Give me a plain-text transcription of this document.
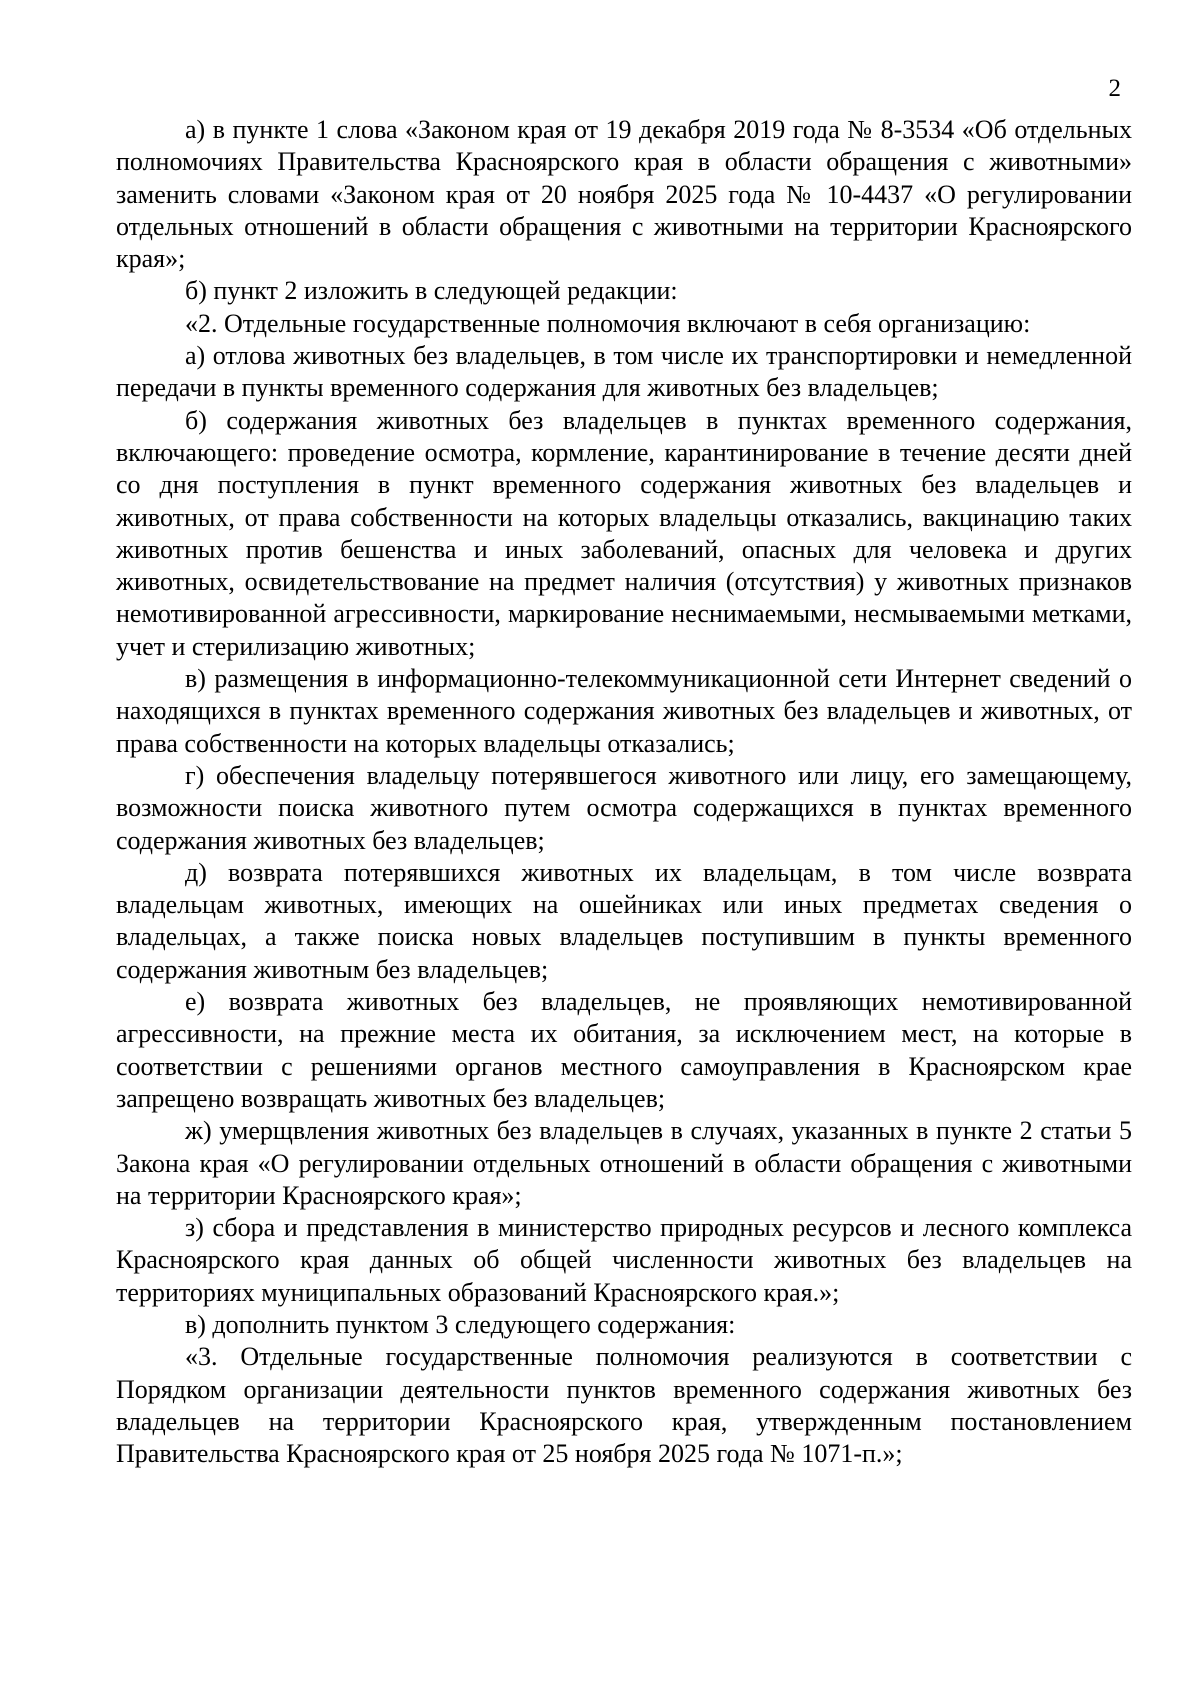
2

а) в пункте 1 слова «Законом края от 19 декабря 2019 года № 8-3534 «Об отдельных полномочиях Правительства Красноярского края в области обращения с животными» заменить словами «Законом края от 20 ноября 2025 года № 10-4437 «О регулировании отдельных отношений в области обращения с животными на территории Красноярского края»;

б) пункт 2 изложить в следующей редакции:

«2. Отдельные государственные полномочия включают в себя организацию:

а) отлова животных без владельцев, в том числе их транспортировки и немедленной передачи в пункты временного содержания для животных без владельцев;

б) содержания животных без владельцев в пунктах временного содержания, включающего: проведение осмотра, кормление, карантинирование в течение десяти дней со дня поступления в пункт временного содержания животных без владельцев и животных, от права собственности на которых владельцы отказались, вакцинацию таких животных против бешенства и иных заболеваний, опасных для человека и других животных, освидетельствование на предмет наличия (отсутствия) у животных признаков немотивированной агрессивности, маркирование неснимаемыми, несмываемыми метками, учет и стерилизацию животных;

в) размещения в информационно-телекоммуникационной сети Интернет сведений о находящихся в пунктах временного содержания животных без владельцев и животных, от права собственности на которых владельцы отказались;

г) обеспечения владельцу потерявшегося животного или лицу, его замещающему, возможности поиска животного путем осмотра содержащихся в пунктах временного содержания животных без владельцев;

д) возврата потерявшихся животных их владельцам, в том числе возврата владельцам животных, имеющих на ошейниках или иных предметах сведения о владельцах, а также поиска новых владельцев поступившим в пункты временного содержания животным без владельцев;

е) возврата животных без владельцев, не проявляющих немотивированной агрессивности, на прежние места их обитания, за исключением мест, на которые в соответствии с решениями органов местного самоуправления в Красноярском крае запрещено возвращать животных без владельцев;

ж) умерщвления животных без владельцев в случаях, указанных в пункте 2 статьи 5 Закона края «О регулировании отдельных отношений в области обращения с животными на территории Красноярского края»;

з) сбора и представления в министерство природных ресурсов и лесного комплекса Красноярского края данных об общей численности животных без владельцев на территориях муниципальных образований Красноярского края.»;

в) дополнить пунктом 3 следующего содержания:

«3. Отдельные государственные полномочия реализуются в соответствии с Порядком организации деятельности пунктов временного содержания животных без владельцев на территории Красноярского края, утвержденным постановлением Правительства Красноярского края от 25 ноября 2025 года № 1071-п.»;
